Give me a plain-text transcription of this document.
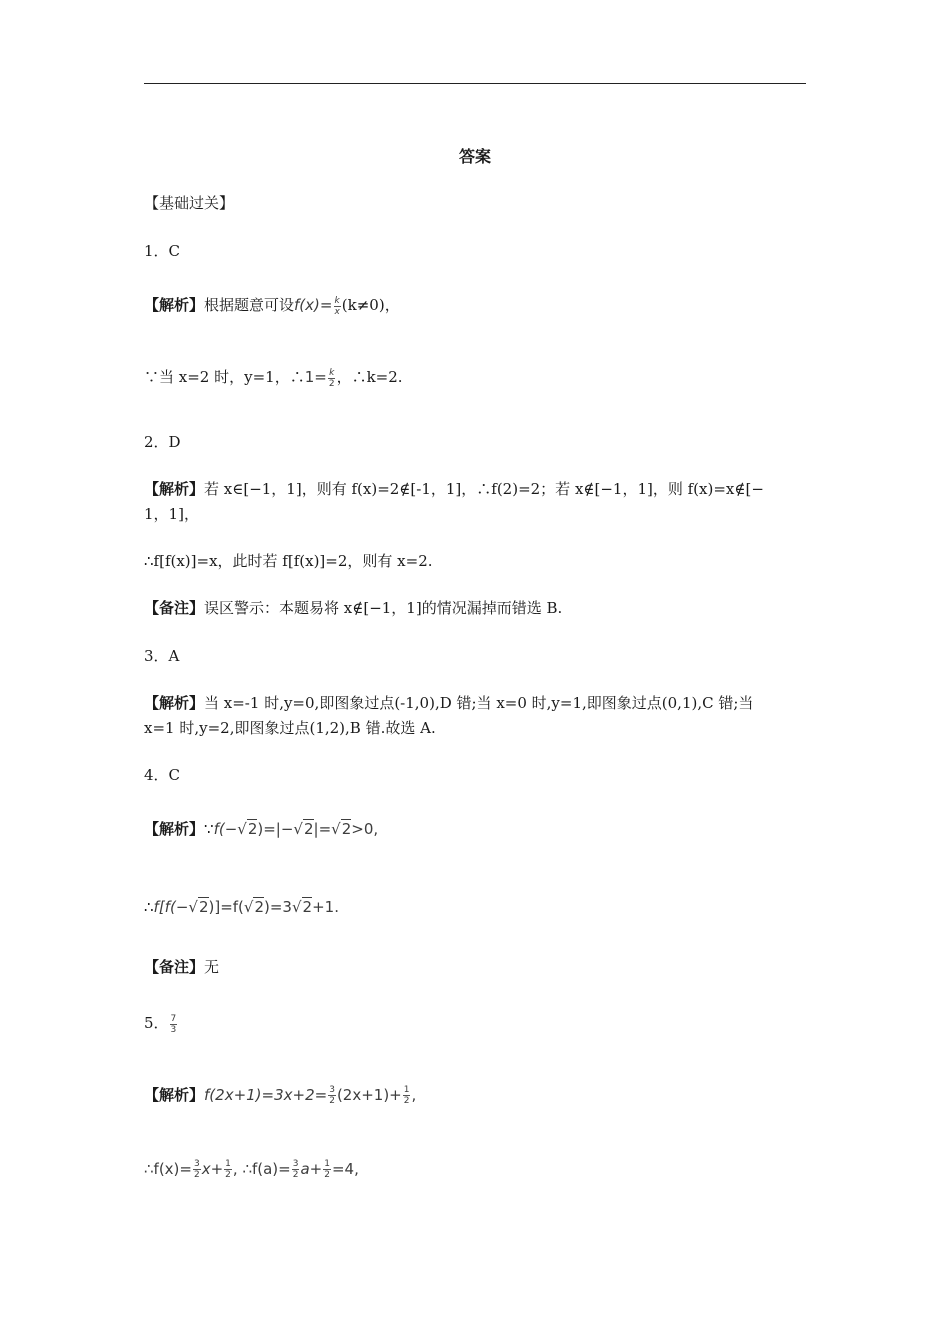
答案
【基础过关】
1．C
【解析】根据题意可设$f(x)= \frac{k}{x} (k\ne 0)$，
∵当 x=2 时，y=1，∴1= $\frac{k}{2}$ ，∴k=2.
2．D
【解析】若 x∈[−1，1]，则有 f(x)=2∉[-1，1]，∴f(2)=2；若 x∉[−1，1]，则 f(x)=x∉[−
1，1]，
∴f[f(x)]=x，此时若 f[f(x)]=2，则有 x=2.
【备注】误区警示：本题易将 x∉[−1，1]的情况漏掉而错选 B.
3．A
【解析】当 x=-1 时,y=0,即图象过点(-1,0),D 错;当 x=0 时,y=1,即图象过点(0,1),C 错;当
x=1 时,y=2,即图象过点(1,2),B 错.故选 A.
4．C
【解析】∵f(−√2)=|−√2|=√2>0,
∴f[f(−√2)]=f(√2)=3√2+1.
【备注】无
5． $\frac{7}{3}$
【解析】$f(2x+1)=3x+2= \frac{3}{2} (2x+1)+ \frac{1}{2}$ ,
∴f(x)= $\frac{3}{2} x+ \frac{1}{2}$ , ∴f(a)= $\frac{3}{2} a+ \frac{1}{2} =4$,
